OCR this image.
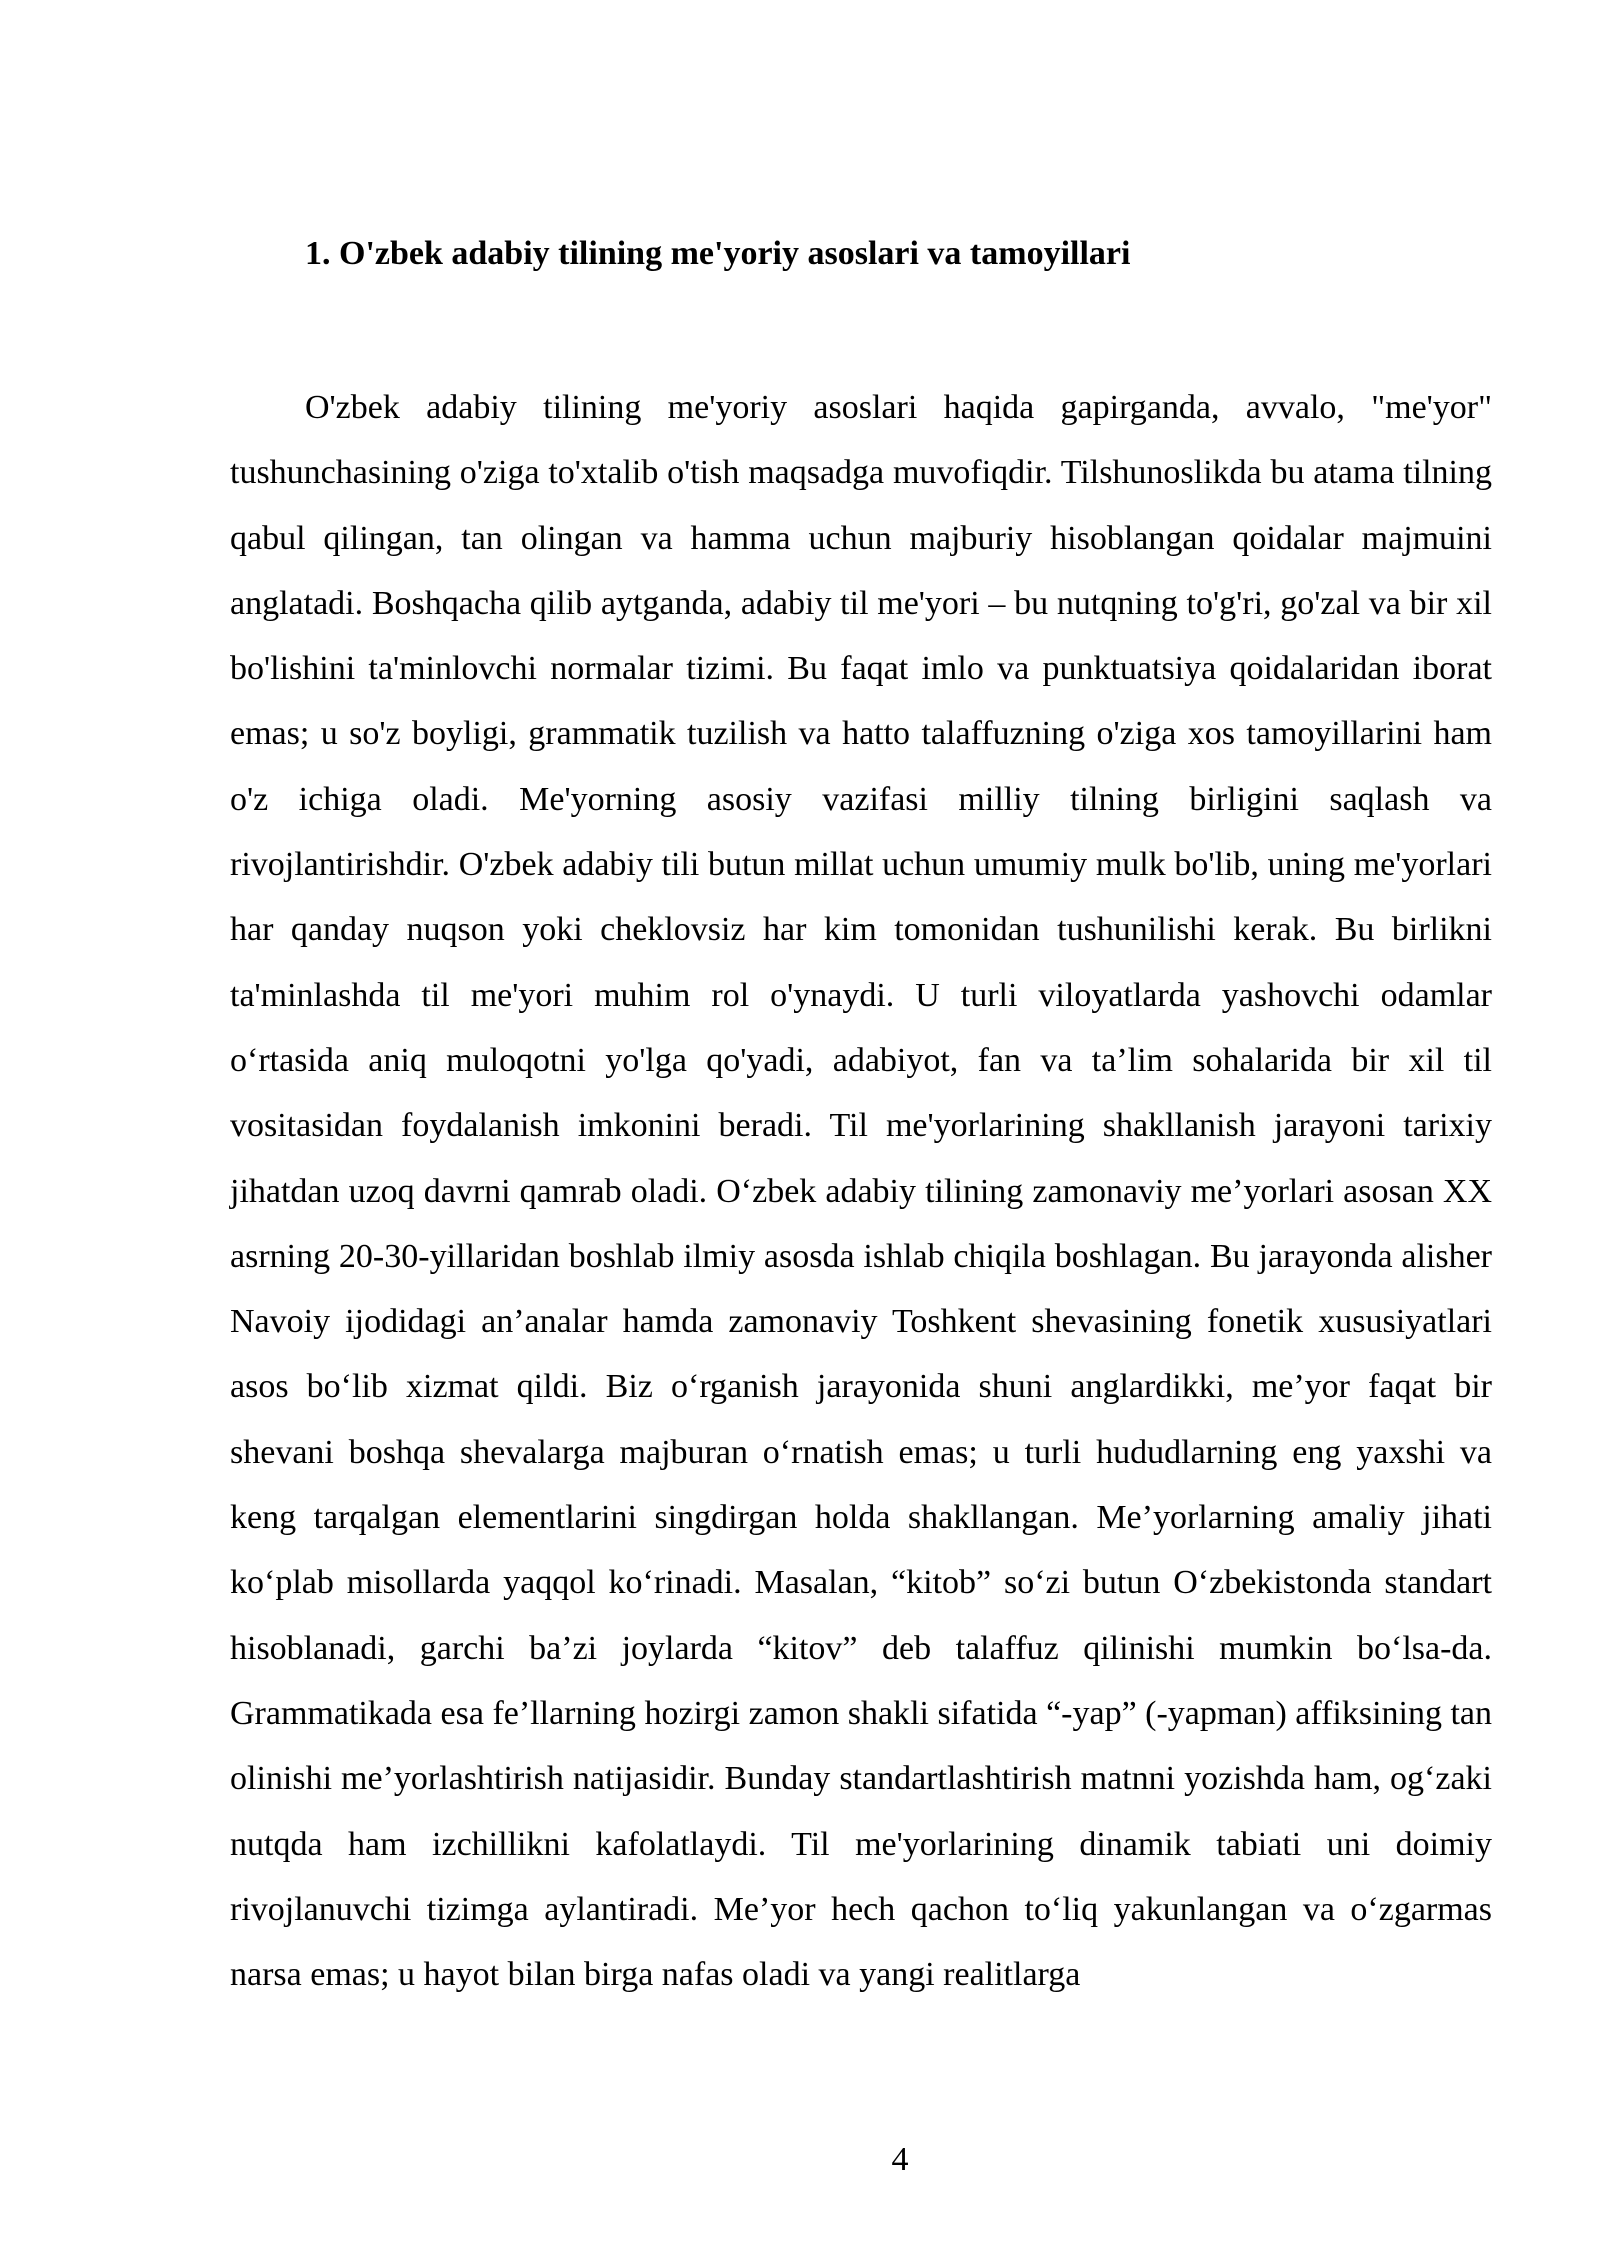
1. O'zbek adabiy tilining me'yoriy asoslari va tamoyillari

O'zbek adabiy tilining me'yoriy asoslari haqida gapirganda, avvalo, "me'yor" tushunchasining o'ziga to'xtalib o'tish maqsadga muvofiqdir. Tilshunoslikda bu atama tilning qabul qilingan, tan olingan va hamma uchun majburiy hisoblangan qoidalar majmuini anglatadi. Boshqacha qilib aytganda, adabiy til me'yori – bu nutqning to'g'ri, go'zal va bir xil bo'lishini ta'minlovchi normalar tizimi. Bu faqat imlo va punktuatsiya qoidalaridan iborat emas; u so'z boyligi, grammatik tuzilish va hatto talaffuzning o'ziga xos tamoyillarini ham o'z ichiga oladi. Me'yorning asosiy vazifasi milliy tilning birligini saqlash va rivojlantirishdir. O'zbek adabiy tili butun millat uchun umumiy mulk bo'lib, uning me'yorlari har qanday nuqson yoki cheklovsiz har kim tomonidan tushunilishi kerak. Bu birlikni ta'minlashda til me'yori muhim rol o'ynaydi. U turli viloyatlarda yashovchi odamlar o‘rtasida aniq muloqotni yo'lga qo'yadi, adabiyot, fan va ta’lim sohalarida bir xil til vositasidan foydalanish imkonini beradi. Til me'yorlarining shakllanish jarayoni tarixiy jihatdan uzoq davrni qamrab oladi. O‘zbek adabiy tilining zamonaviy me’yorlari asosan XX asrning 20-30-yillaridan boshlab ilmiy asosda ishlab chiqila boshlagan. Bu jarayonda alisher Navoiy ijodidagi an’analar hamda zamonaviy Toshkent shevasining fonetik xususiyatlari asos bo‘lib xizmat qildi. Biz o‘rganish jarayonida shuni anglardikki, me’yor faqat bir shevani boshqa shevalarga majburan o‘rnatish emas; u turli hududlarning eng yaxshi va keng tarqalgan elementlarini singdirgan holda shakllangan. Me’yorlarning amaliy jihati ko‘plab misollarda yaqqol ko‘rinadi. Masalan, “kitob” so‘zi butun O‘zbekistonda standart hisoblanadi, garchi ba’zi joylarda “kitov” deb talaffuz qilinishi mumkin bo‘lsa-da. Grammatikada esa fe’llarning hozirgi zamon shakli sifatida “-yap” (-yapman) affiksining tan olinishi me’yorlashtirish natijasidir. Bunday standartlashtirish matnni yozishda ham, og‘zaki nutqda ham izchillikni kafolatlaydi. Til me'yorlarining dinamik tabiati uni doimiy rivojlanuvchi tizimga aylantiradi. Me’yor hech qachon to‘liq yakunlangan va o‘zgarmas narsa emas; u hayot bilan birga nafas oladi va yangi realitlarga

4
